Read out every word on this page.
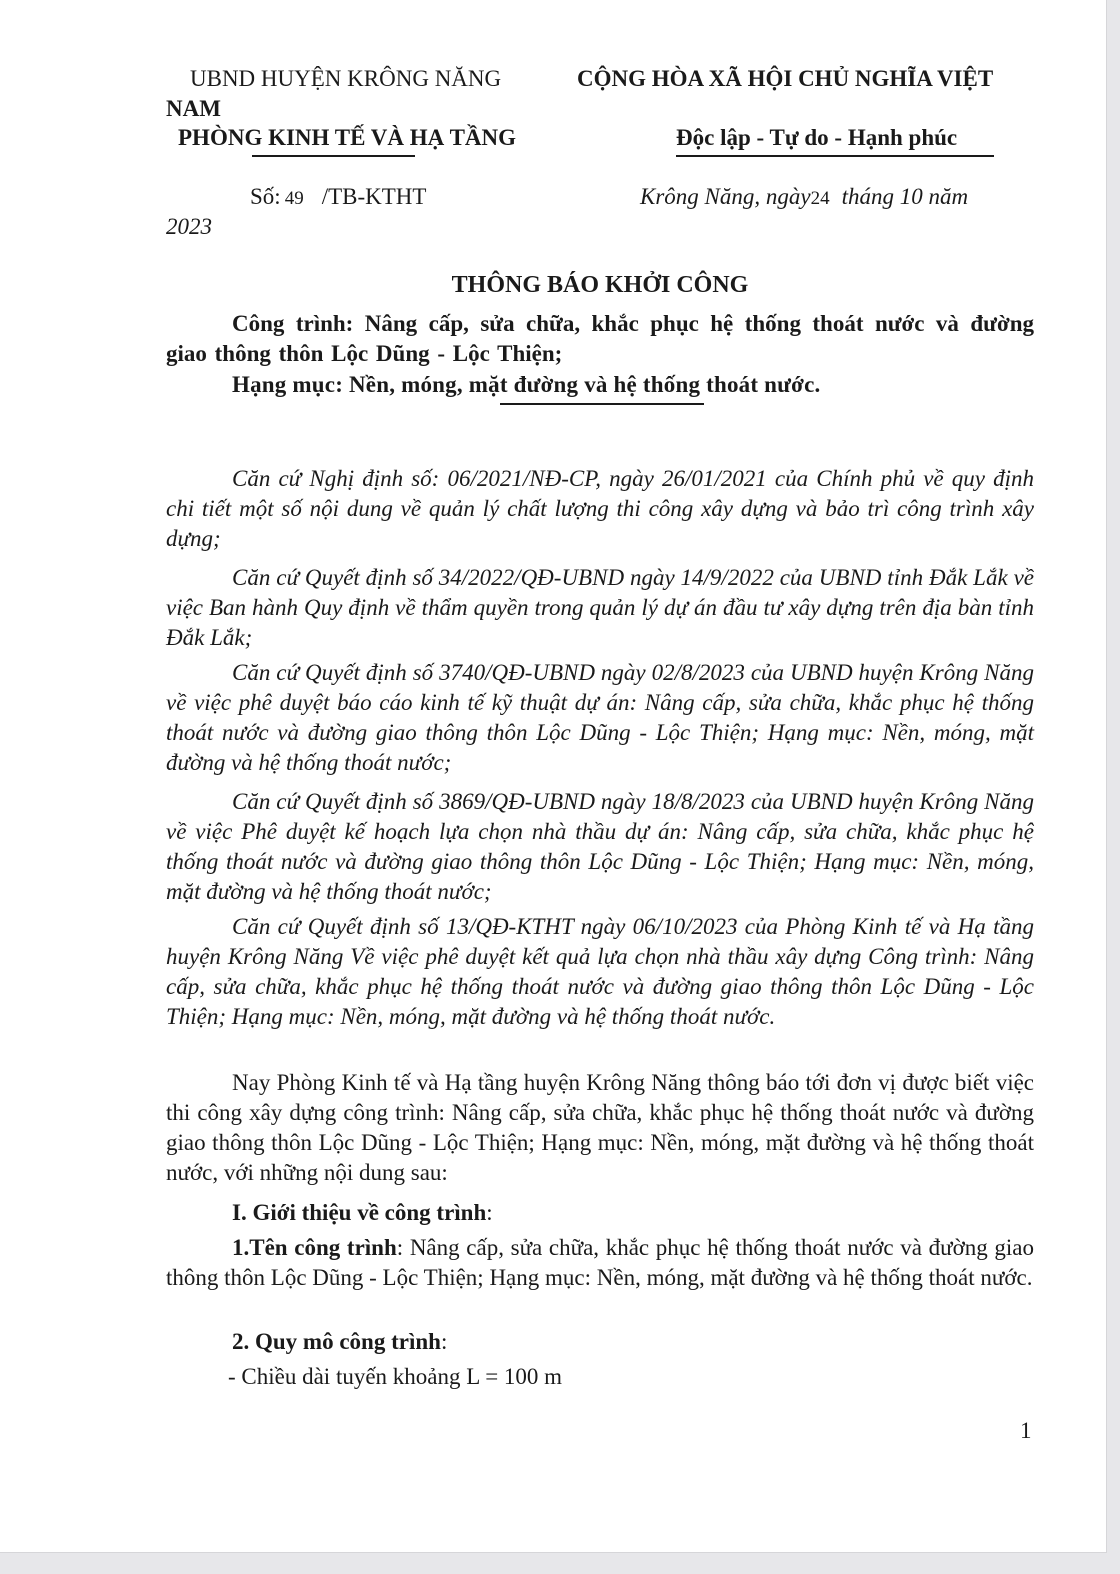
UBND HUYỆN KRÔNG NĂNG
PHÒNG KINH TẾ VÀ HẠ TẦNG
CỘNG HÒA XÃ HỘI CHỦ NGHĨA VIỆT
NAM
Độc lập - Tự do - Hạnh phúc
Số: 49 /TB-KTHT	Krông Năng, ngày24 tháng 10 năm
2023
THÔNG BÁO KHỞI CÔNG
Công trình: Nâng cấp, sửa chữa, khắc phục hệ thống thoát nước và đường giao thông thôn Lộc Dũng - Lộc Thiện;
Hạng mục: Nền, móng, mặt đường và hệ thống thoát nước.
Căn cứ Nghị định số: 06/2021/NĐ-CP, ngày 26/01/2021 của Chính phủ về quy định chi tiết một số nội dung về quản lý chất lượng thi công xây dựng và bảo trì công trình xây dựng;
Căn cứ Quyết định số 34/2022/QĐ-UBND ngày 14/9/2022 của UBND tỉnh Đắk Lắk về việc Ban hành Quy định về thẩm quyền trong quản lý dự án đầu tư xây dựng trên địa bàn tỉnh Đắk Lắk;
Căn cứ Quyết định số 3740/QĐ-UBND ngày 02/8/2023 của UBND huyện Krông Năng về việc phê duyệt báo cáo kinh tế kỹ thuật dự án: Nâng cấp, sửa chữa, khắc phục hệ thống thoát nước và đường giao thông thôn Lộc Dũng - Lộc Thiện; Hạng mục: Nền, móng, mặt đường và hệ thống thoát nước;
Căn cứ Quyết định số 3869/QĐ-UBND ngày 18/8/2023 của UBND huyện Krông Năng về việc Phê duyệt kế hoạch lựa chọn nhà thầu dự án: Nâng cấp, sửa chữa, khắc phục hệ thống thoát nước và đường giao thông thôn Lộc Dũng - Lộc Thiện; Hạng mục: Nền, móng, mặt đường và hệ thống thoát nước;
Căn cứ Quyết định số 13/QĐ-KTHT ngày 06/10/2023 của Phòng Kinh tế và Hạ tầng huyện Krông Năng Về việc phê duyệt kết quả lựa chọn nhà thầu xây dựng Công trình: Nâng cấp, sửa chữa, khắc phục hệ thống thoát nước và đường giao thông thôn Lộc Dũng - Lộc Thiện; Hạng mục: Nền, móng, mặt đường và hệ thống thoát nước.
Nay Phòng Kinh tế và Hạ tầng huyện Krông Năng thông báo tới đơn vị được biết việc thi công xây dựng công trình: Nâng cấp, sửa chữa, khắc phục hệ thống thoát nước và đường giao thông thôn Lộc Dũng - Lộc Thiện; Hạng mục: Nền, móng, mặt đường và hệ thống thoát nước, với những nội dung sau:
I. Giới thiệu về công trình:
1.Tên công trình: Nâng cấp, sửa chữa, khắc phục hệ thống thoát nước và đường giao thông thôn Lộc Dũng - Lộc Thiện; Hạng mục: Nền, móng, mặt đường và hệ thống thoát nước.
2. Quy mô công trình:
- Chiều dài tuyến khoảng L = 100 m
1
